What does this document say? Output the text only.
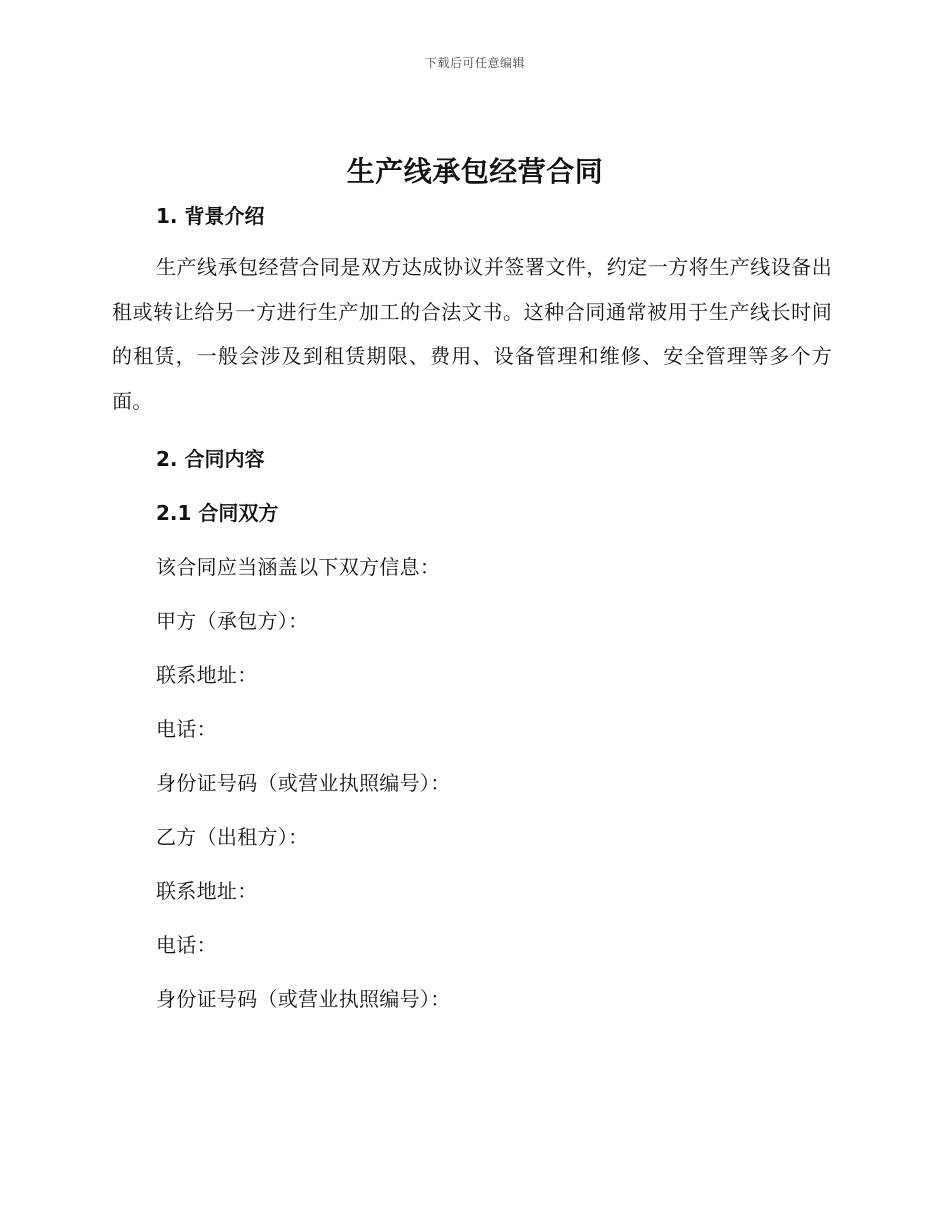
下载后可任意编辑
生产线承包经营合同
1. 背景介绍
生产线承包经营合同是双方达成协议并签署文件，约定一方将生产线设备出租或转让给另一方进行生产加工的合法文书。这种合同通常被用于生产线长时间的租赁，一般会涉及到租赁期限、费用、设备管理和维修、安全管理等多个方面。
2. 合同内容
2.1 合同双方
该合同应当涵盖以下双方信息：
甲方（承包方）：
联系地址：
电话：
身份证号码（或营业执照编号）：
乙方（出租方）：
联系地址：
电话：
身份证号码（或营业执照编号）：
